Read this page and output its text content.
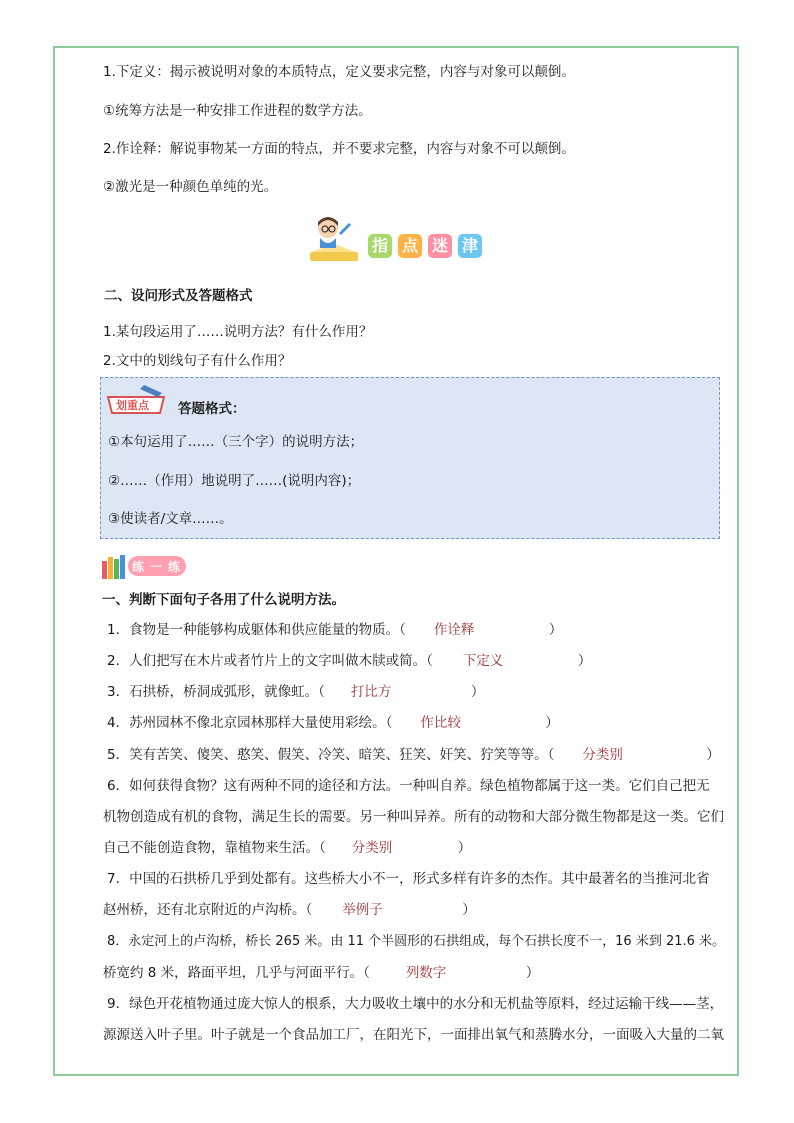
1.下定义：揭示被说明对象的本质特点，定义要求完整，内容与对象可以颠倒。
①统筹方法是一种安排工作进程的数学方法。
2.作诠释：解说事物某一方面的特点，并不要求完整，内容与对象不可以颠倒。
②激光是一种颜色单纯的光。
指 点 迷 津
二、设问形式及答题格式
1.某句段运用了……说明方法？有什么作用？
2.文中的划线句子有什么作用？
划重点 答题格式：
①本句运用了……（三个字）的说明方法；
②……（作用）地说明了……(说明内容)；
③使读者/文章……。
练 一 练
一、判断下面句子各用了什么说明方法。
1．食物是一种能够构成躯体和供应能量的物质。（ 作诠释	）
2．人们把写在木片或者竹片上的文字叫做木牍或简。（ 下定义	）
3．石拱桥，桥洞成弧形，就像虹。（ 打比方	）
4．苏州园林不像北京园林那样大量使用彩绘。（ 作比较	）
5．笑有苦笑、傻笑、憨笑、假笑、冷笑、暗笑、狂笑、奸笑、狞笑等等。（ 分类别	）
6．如何获得食物？这有两种不同的途径和方法。一种叫自养。绿色植物都属于这一类。它们自己把无
机物创造成有机的食物，满足生长的需要。另一种叫异养。所有的动物和大部分微生物都是这一类。它们
自己不能创造食物，靠植物来生活。（ 分类别	）
7．中国的石拱桥几乎到处都有。这些桥大小不一，形式多样有许多的杰作。其中最著名的当推河北省
赵州桥，还有北京附近的卢沟桥。（ 举例子	）
8．永定河上的卢沟桥，桥长 265 米。由 11 个半圆形的石拱组成，每个石拱长度不一，16 米到 21.6 米。
桥宽约 8 米，路面平坦，几乎与河面平行。（	列数字	）
9．绿色开花植物通过庞大惊人的根系，大力吸收土壤中的水分和无机盐等原料，经过运输干线——茎，
源源送入叶子里。叶子就是一个食品加工厂，在阳光下，一面排出氧气和蒸腾水分，一面吸入大量的二氧
